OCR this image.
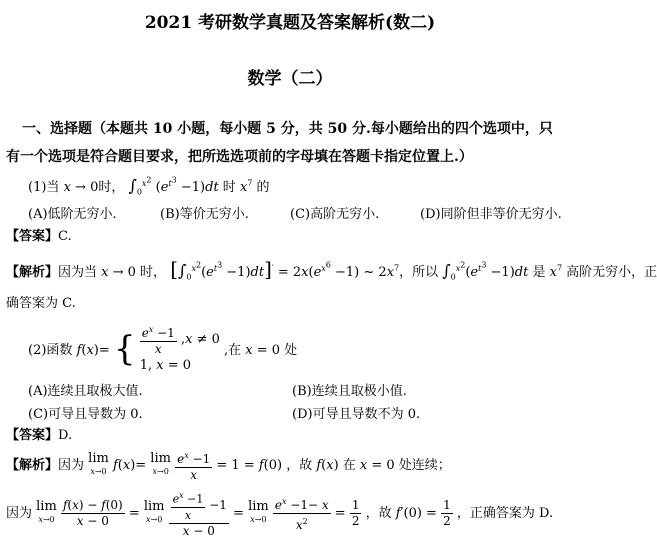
2021 考研数学真题及答案解析(数二)
数学（二）
一、选择题（本题共 10 小题，每小题 5 分，共 50 分.每小题给出的四个选项中，只
有一个选项是符合题目要求，把所选选项前的字母填在答题卡指定位置上.）
(1)当 x → 0时， $\int_0^{x^2}$ $(e^{t^3} -1)dt$ 时 $x^7$ 的
(A)低阶无穷小.	(B)等价无穷小.	(C)高阶无穷小.	(D)同阶但非等价无穷小.
【答案】C.
【解析】因为当 x → 0 时， $[\int_0^{x^2}(e^{t^3} -1)dt]' = 2x(e^{x^6} -1)$ ~ $2x^7$，所以 $\int_0^{x^2}(e^{t^3} -1)dt$ 是 $x^7$ 高阶无穷小，正
确答案为 C.
(2)函数 f(x)= { $\frac{e^x -1}{x} ,x \ne 0$
1, x = 0
,在 x = 0 处
(A)连续且取极大值.	(B)连续且取极小值.
(C)可导且导数为 0.	(D)可导且导数不为 0.
【答案】D.
【解析】因为 lim
x→0 f(x)= lim
$x\to 0 \frac{e^x -1}{x} = 1 = f(0)$ ，故 f(x) 在 x = 0 处连续；
因为 lim
$x\to 0 \frac{f(x) - f(0)}{x - 0} = \lim$
$x\to 0 \frac{\frac{e^x -1}{x} -1}{x - 0} = \lim$
$x\to 0 \frac{e^x -1- x}{x^2} = \frac{1}{2}$ ，故 $f'(0) = \frac{1}{2}$ ，正确答案为 D.
